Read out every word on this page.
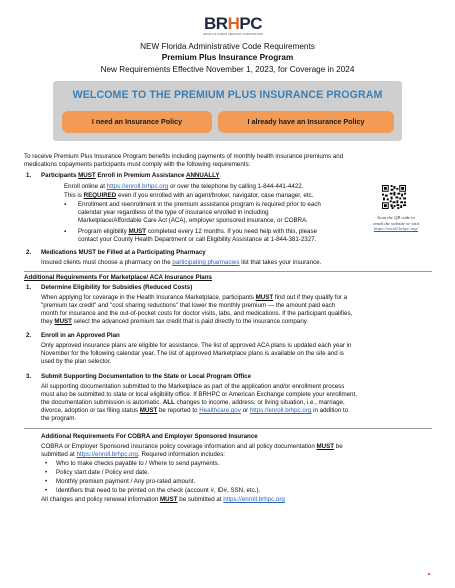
BRHPC
HEALTH & HUMAN SERVICES CORPORATION
NEW Florida Administrative Code Requirements
Premium Plus Insurance Program
New Requirements Effective November 1, 2023, for Coverage in 2024
WELCOME TO THE PREMIUM PLUS INSURANCE PROGRAM
I need an Insurance Policy	I already have an Insurance Policy
To receive Premium Plus Insurance Program benefits including payments of monthly health insurance premiums and
medications copayments participants must comply with the following requirements:
1. Participants MUST Enroll in Premium Assistance ANNUALLY
Enroll online at https://enroll.brhpc.org or over the telephone by calling 1-844-441-4422.
This is REQUIRED even if you enrolled with an agent/broker, navigator, case manager, etc.
▪ Enrollment and reenrollment in the premium assistance program is required prior to each
calendar year regardless of the type of insurance enrolled in including
Marketplace/Affordable Care Act (ACA), employer sponsored insurance, or COBRA.
▪ Program eligibility MUST completed every 12 months. If you need help with this, please
contact your County Health Department or call Eligibility Assistance at 1-844-381-2327.
Scan the QR code to
reach the website or visit
https://enroll.brhpc.org/
2. Medications MUST be Filled at a Participating Pharmacy
Insured clients must choose a pharmacy on the participating pharmacies list that takes your insurance.
Additional Requirements For Marketplace/ ACA Insurance Plans
1. Determine Eligibility for Subsidies (Reduced Costs)
When applying for coverage in the Health Insurance Marketplace, participants MUST find out if they qualify for a
"premium tax credit" and "cost sharing reductions" that lower the monthly premium — the amount paid each
month for insurance and the out-of-pocket costs for doctor visits, labs, and medications. If the participant qualifies,
they MUST select the advanced premium tax credit that is paid directly to the insurance company.
2. Enroll in an Approved Plan
Only approved insurance plans are eligible for assistance. The list of approved ACA plans is updated each year in
November for the following calendar year. The list of approved Marketplace plans is available on the site and is
used by the plan selector.
3. Submit Supporting Documentation to the State or Local Program Office
All supporting documentation submitted to the Marketplace as part of the application and/or enrollment process
must also be submitted to state or local eligibility office. If BRHPC or American Exchange complete your enrollment,
the documentation submission is automatic. ALL changes to income, address, or living situation, i.e., marriage,
divorce, adoption or tax filing status MUST be reported to Healthcare.gov or https://enroll.brhpc.org in addition to
the program.
Additional Requirements For COBRA and Employer Sponsored Insurance
COBRA or Employer Sponsored insurance policy coverage information and all policy documentation MUST be
submitted at https://enroll.brhpc.org. Required information includes:
• Who to make checks payable to / Where to send payments.
• Policy start date / Policy end date.
• Monthly premium payment / Any pro-rated amount.
• Identifiers that need to be printed on the check (account #, ID#, SSN, etc.).
All changes and policy renewal information MUST be submitted at https://enroll.brhpc.org
